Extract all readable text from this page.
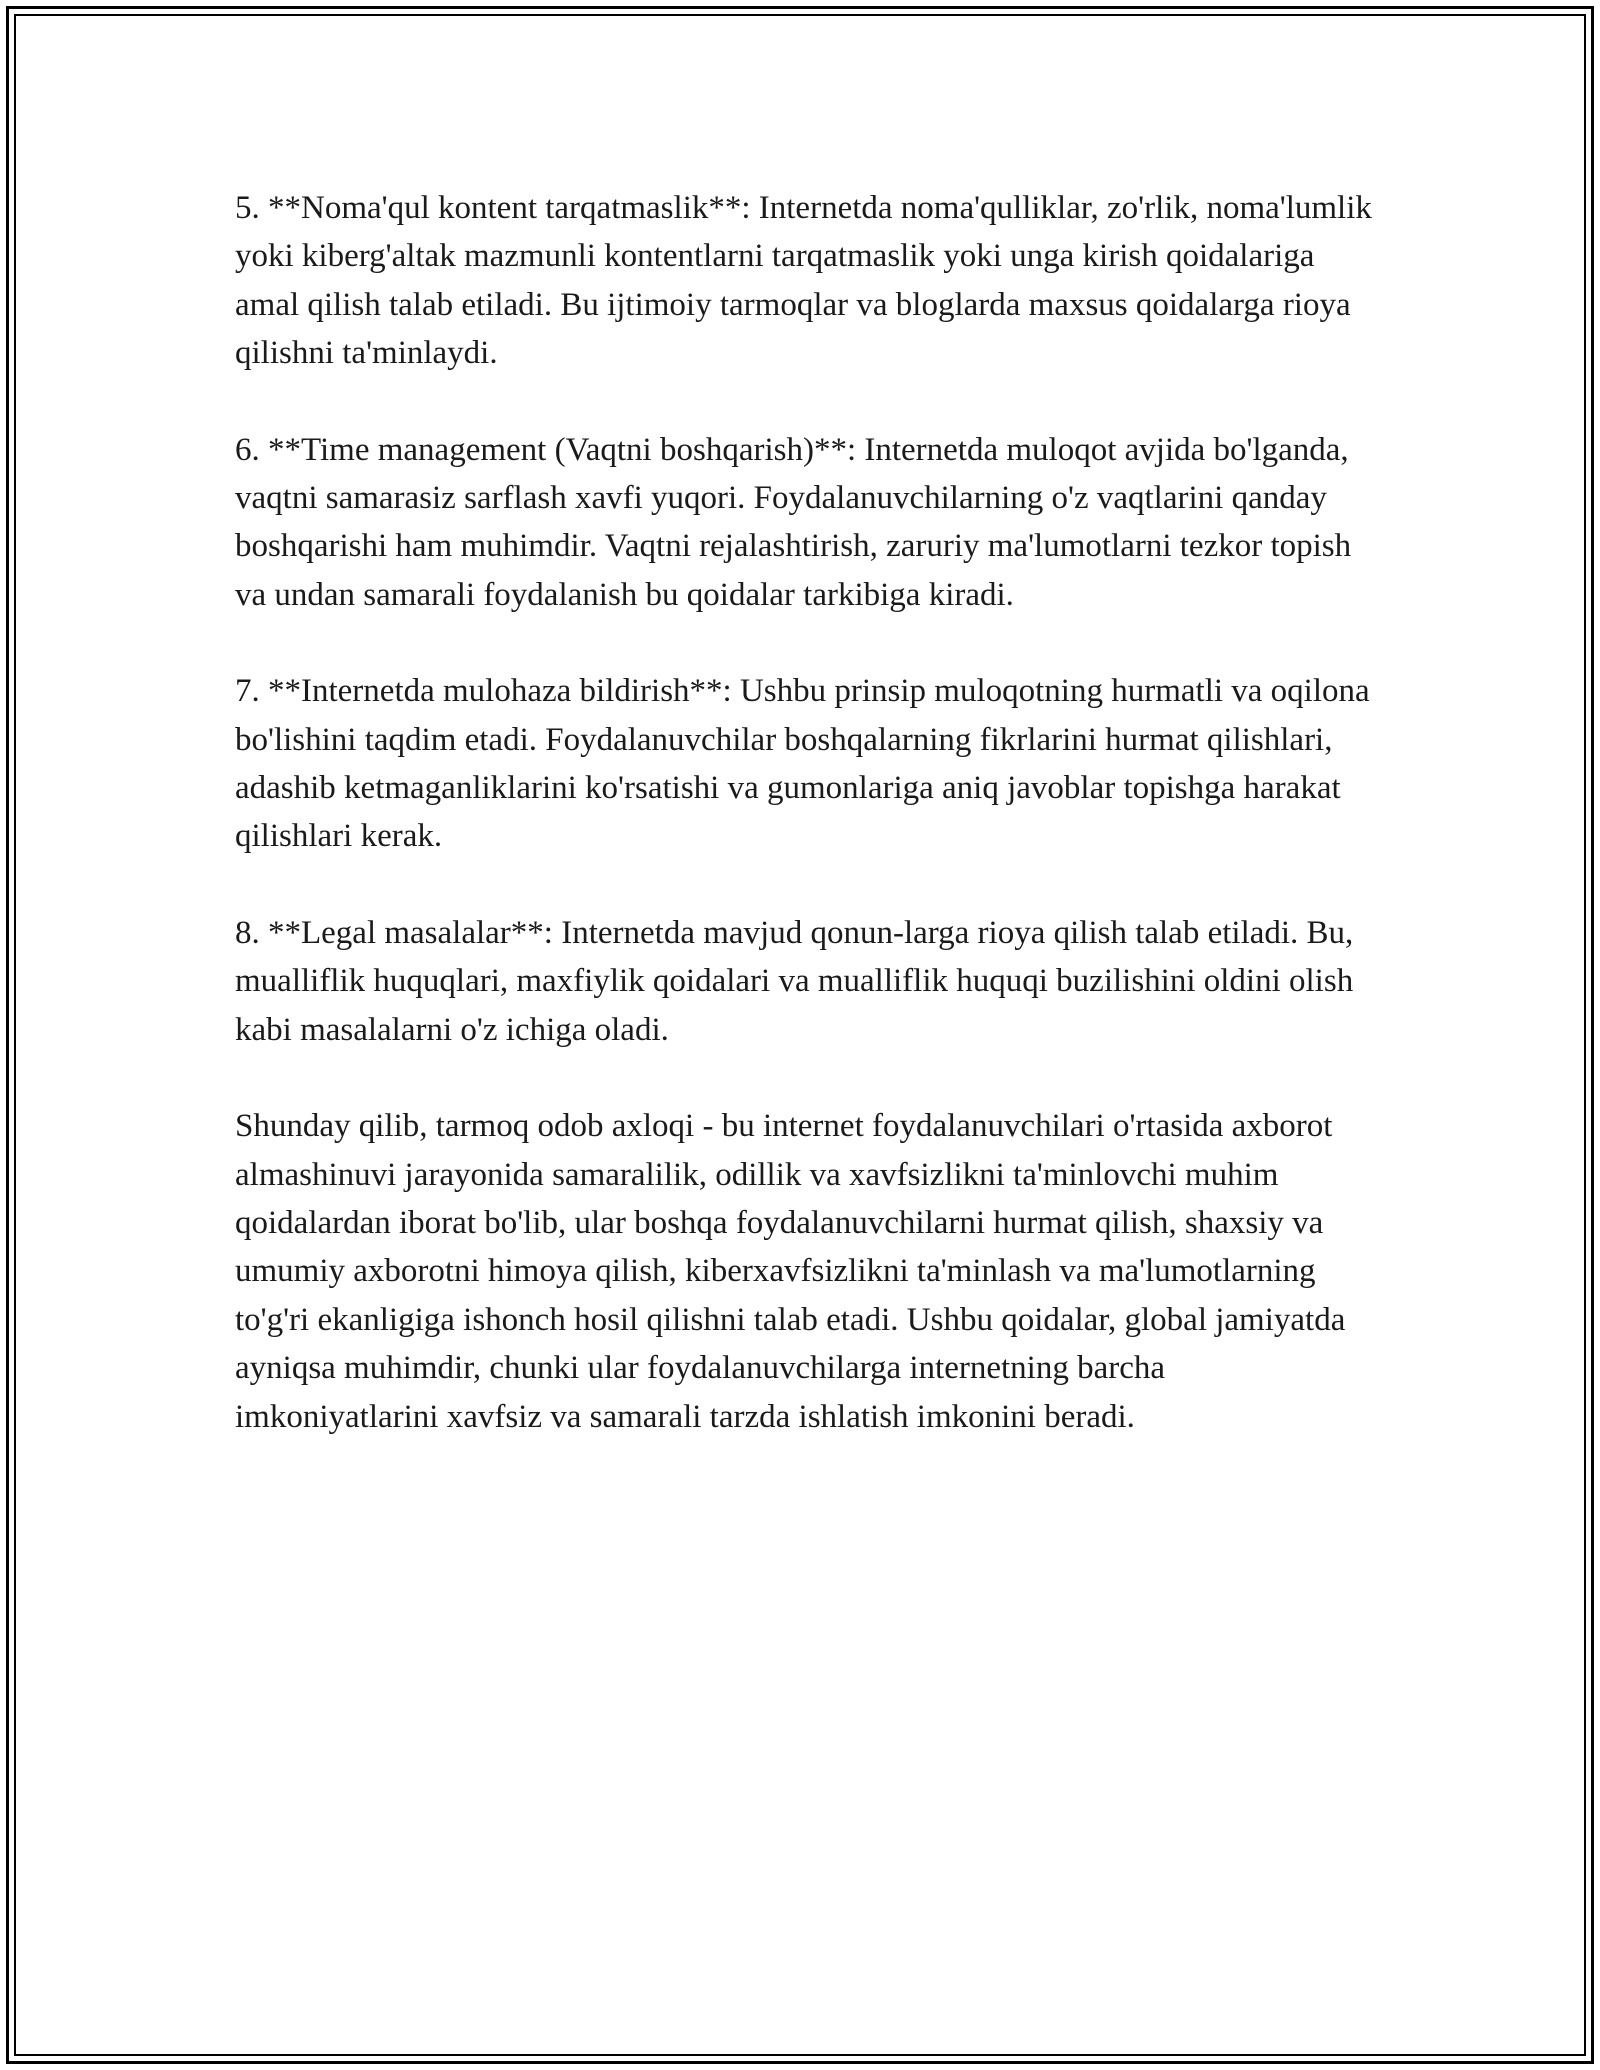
5. **Noma'qul kontent tarqatmaslik**: Internetda noma'qulliklar, zo'rlik, noma'lumlik yoki kiberg'altak mazmunli kontentlarni tarqatmaslik yoki unga kirish qoidalariga amal qilish talab etiladi. Bu ijtimoiy tarmoqlar va bloglarda maxsus qoidalarga rioya qilishni ta'minlaydi.

6. **Time management (Vaqtni boshqarish)**: Internetda muloqot avjida bo'lganda, vaqtni samarasiz sarflash xavfi yuqori. Foydalanuvchilarning o'z vaqtlarini qanday boshqarishi ham muhimdir. Vaqtni rejalashtirish, zaruriy ma'lumotlarni tezkor topish va undan samarali foydalanish bu qoidalar tarkibiga kiradi.

7. **Internetda mulohaza bildirish**: Ushbu prinsip muloqotning hurmatli va oqilona bo'lishini taqdim etadi. Foydalanuvchilar boshqalarning fikrlarini hurmat qilishlari, adashib ketmaganliklarini ko'rsatishi va gumonlariga aniq javoblar topishga harakat qilishlari kerak.

8. **Legal masalalar**: Internetda mavjud qonun-larga rioya qilish talab etiladi. Bu, mualliflik huquqlari, maxfiylik qoidalari va mualliflik huquqi buzilishini oldini olish kabi masalalarni o'z ichiga oladi.

Shunday qilib, tarmoq odob axloqi - bu internet foydalanuvchilari o'rtasida axborot almashinuvi jarayonida samaralilik, odillik va xavfsizlikni ta'minlovchi muhim qoidalardan iborat bo'lib, ular boshqa foydalanuvchilarni hurmat qilish, shaxsiy va umumiy axborotni himoya qilish, kiberxavfsizlikni ta'minlash va ma'lumotlarning to'g'ri ekanligiga ishonch hosil qilishni talab etadi. Ushbu qoidalar, global jamiyatda ayniqsa muhimdir, chunki ular foydalanuvchilarga internetning barcha imkoniyatlarini xavfsiz va samarali tarzda ishlatish imkonini beradi.
